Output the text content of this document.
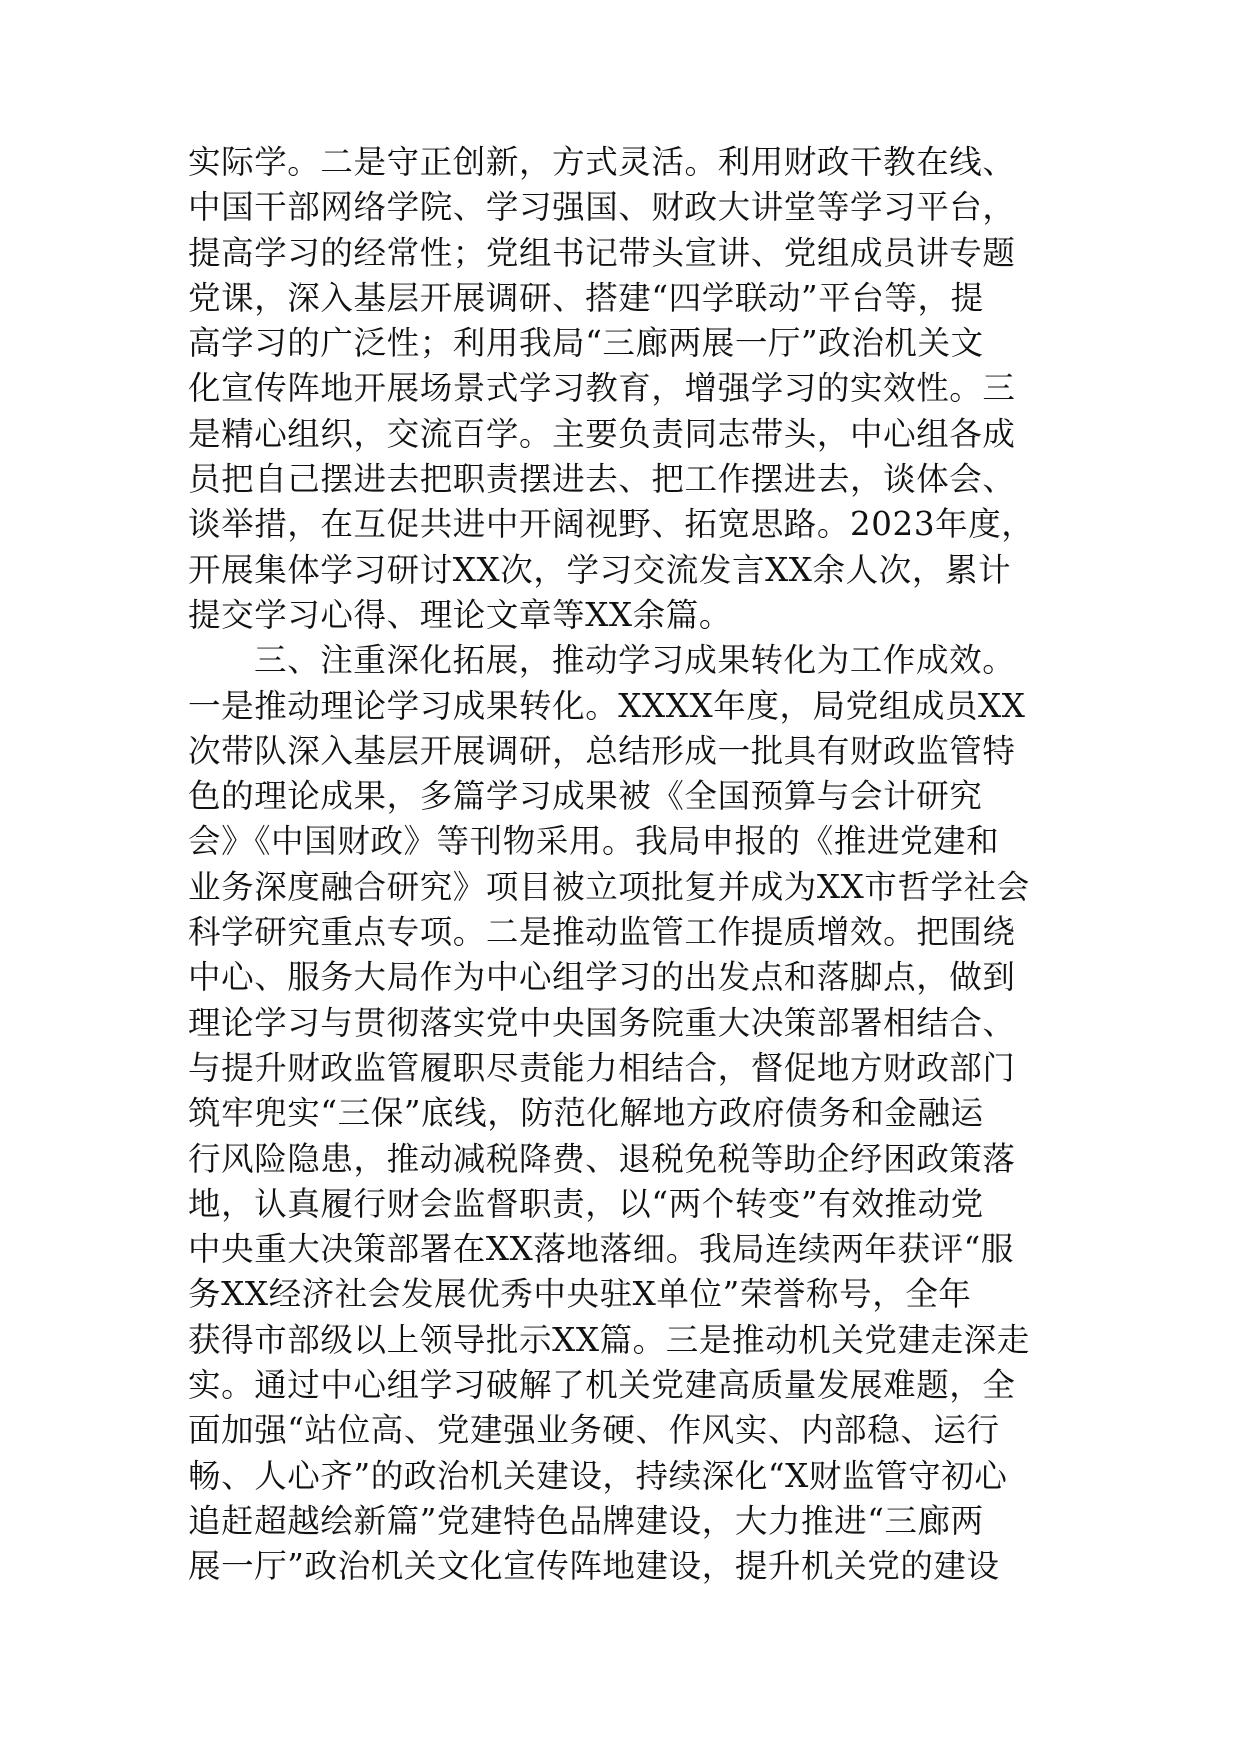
实际学。二是守正创新，方式灵活。利用财政干教在线、
中国干部网络学院、学习强国、财政大讲堂等学习平台，
提高学习的经常性；党组书记带头宣讲、党组成员讲专题
党课，深入基层开展调研、搭建“四学联动”平台等，提
高学习的广泛性；利用我局“三廊两展一厅”政治机关文
化宣传阵地开展场景式学习教育，增强学习的实效性。三
是精心组织，交流百学。主要负责同志带头，中心组各成
员把自己摆进去把职责摆进去、把工作摆进去，谈体会、
谈举措，在互促共进中开阔视野、拓宽思路。2023年度，
开展集体学习研讨XX次，学习交流发言XX余人次，累计
提交学习心得、理论文章等XX余篇。
三、注重深化拓展，推动学习成果转化为工作成效。
一是推动理论学习成果转化。XXXX年度，局党组成员XX
次带队深入基层开展调研，总结形成一批具有财政监管特
色的理论成果，多篇学习成果被《全国预算与会计研究
会》《中国财政》等刊物采用。我局申报的《推进党建和
业务深度融合研究》项目被立项批复并成为XX市哲学社会
科学研究重点专项。二是推动监管工作提质增效。把围绕
中心、服务大局作为中心组学习的出发点和落脚点，做到
理论学习与贯彻落实党中央国务院重大决策部署相结合、
与提升财政监管履职尽责能力相结合，督促地方财政部门
筑牢兜实“三保”底线，防范化解地方政府债务和金融运
行风险隐患，推动减税降费、退税免税等助企纾困政策落
地，认真履行财会监督职责，以“两个转变”有效推动党
中央重大决策部署在XX落地落细。我局连续两年获评“服
务XX经济社会发展优秀中央驻X单位”荣誉称号，全年
获得市部级以上领导批示XX篇。三是推动机关党建走深走
实。通过中心组学习破解了机关党建高质量发展难题，全
面加强“站位高、党建强业务硬、作风实、内部稳、运行
畅、人心齐”的政治机关建设，持续深化“X财监管守初心
追赶超越绘新篇”党建特色品牌建设，大力推进“三廊两
展一厅”政治机关文化宣传阵地建设，提升机关党的建设
